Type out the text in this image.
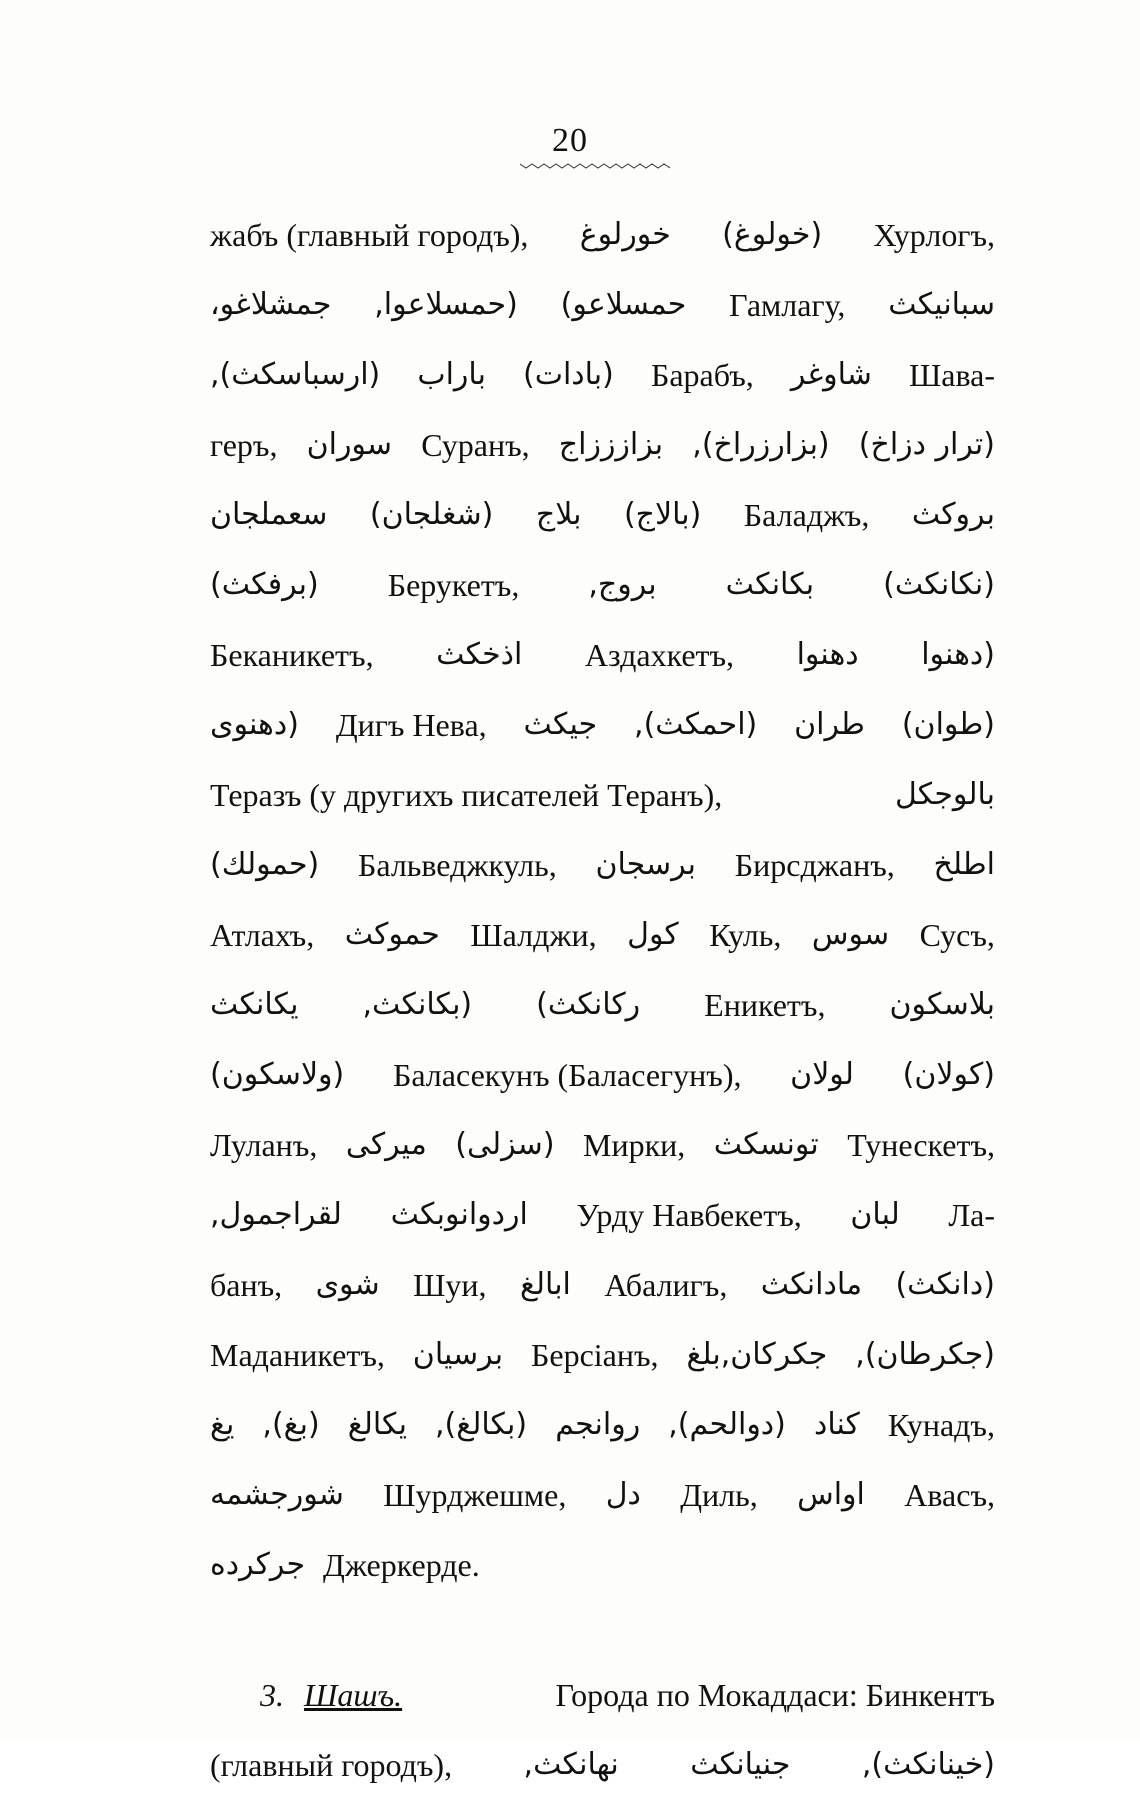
20
жабъ (главный городъ), خورلوغ (خولوغ) Хурлогъ,
جمشلاغو، (حمسلاعوا, حمسلاعو) Гамлагу, سبانيكث
(ارسباسكث), باراب (بادات) Барабъ, شاوغر Шава-
геръ, سوران Суранъ, بزازززاج (بزارزراخ), (ترار دزاخ)
سعملجان (شغلجان) بلاج (بالاج) Баладжъ, بروكث
(برفكث) Берукетъ, بروج, بكانكث (نكانكث)
Беканикетъ, اذخكث Аздахкетъ, دهنوا (دهنوا
(دهنوى Дигъ Нева, جيكث (احمكث), طران (طوان)
Теразъ (у другихъ писателей Теранъ),	بالوجكل
(حمولك) Бальведжкуль, برسجان Бирсджанъ, اطلخ
Атлахъ, حموكث Шалджи, كول Куль, سوس Сусъ,
يكانكث (بكانكث, ركانكث) Еникетъ, بلاسكون
(ولاسكون) Баласекунъ (Баласегунъ), لولان (كولان)
Луланъ, ميركى (سزلى) Мирки, تونسكث Тунескетъ,
لقراجمول, اردوانوبكث Урду Навбекетъ, لبان Ла-
банъ, شوى Шуи, ابالغ Абалигъ, مادانكث (دانكث)
Маданикетъ, برسيان Берсіанъ, جكركان,بلغ (جكرطان),
يغ (بغ), يكالغ (بكالغ), روانجم (دوالحم), كناد Кунадъ,
شورجشمه Шурджешме, دل Диль, اواس Авасъ,
جركرده Джеркерде.
3. Шашъ.	Города по Мокаддаси: Бинкентъ
(главный городъ), نهانكث, جنيانكث (خينانكث),
